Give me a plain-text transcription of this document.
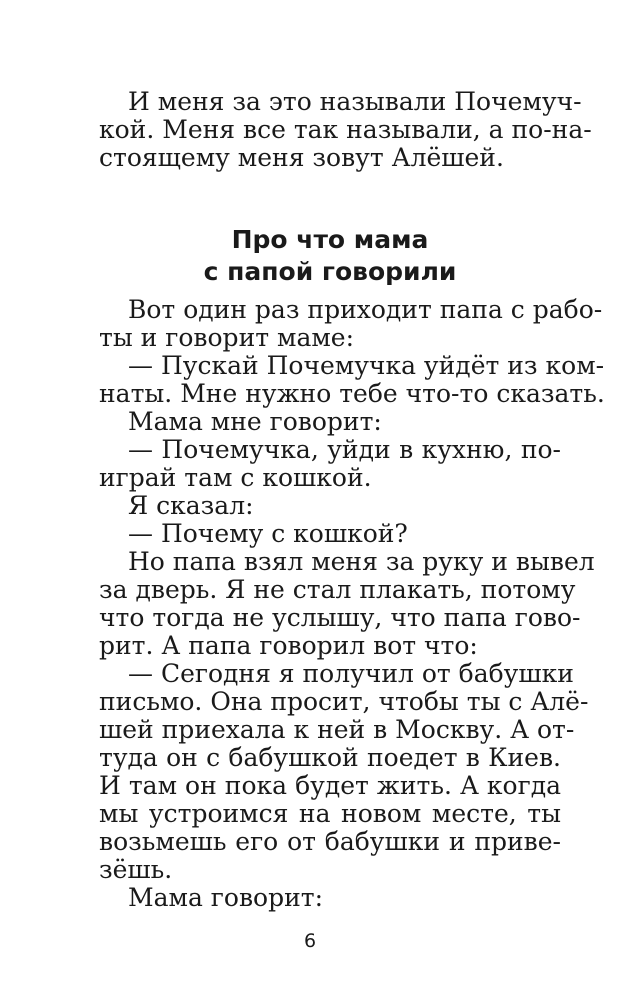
И меня за это называли Почемуч-
кой. Меня все так называли, а по-на-
стоящему меня зовут Алёшей.
Про что мама
с папой говорили
Вот один раз приходит папа с рабо-
ты и говорит маме:
— Пускай Почемучка уйдёт из ком-
наты. Мне нужно тебе что-то сказать.
Мама мне говорит:
— Почемучка, уйди в кухню, по-
играй там с кошкой.
Я сказал:
— Почему с кошкой?
Но папа взял меня за руку и вывел
за дверь. Я не стал плакать, потому
что тогда не услышу, что папа гово-
рит. А папа говорил вот что:
— Сегодня я получил от бабушки
письмо. Она просит, чтобы ты с Алё-
шей приехала к ней в Москву. А от-
туда он с бабушкой поедет в Киев.
И там он пока будет жить. А когда
мы устроимся на новом месте, ты
возьмешь его от бабушки и приве-
зёшь.
Мама говорит:
6
